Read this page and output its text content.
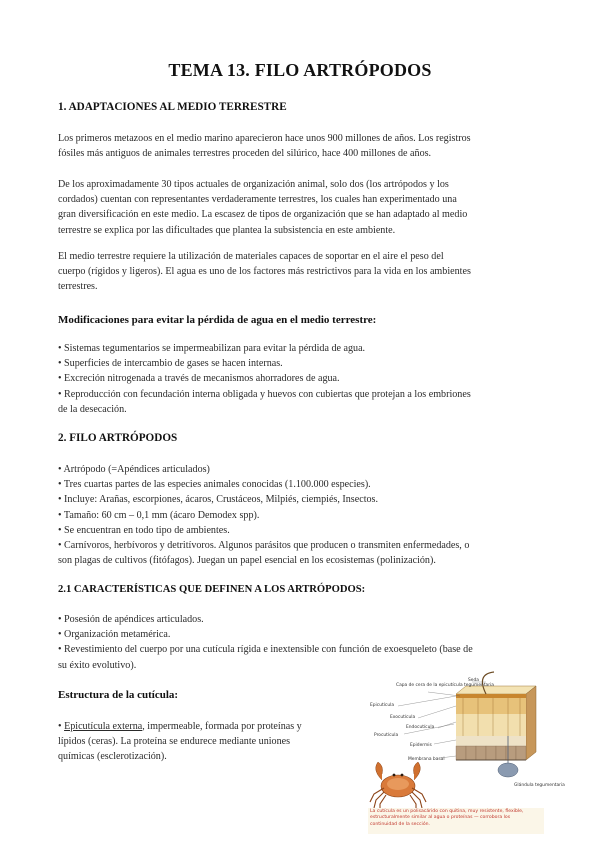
TEMA 13. FILO ARTRÓPODOS
1. ADAPTACIONES AL MEDIO TERRESTRE
Los primeros metazoos en el medio marino aparecieron hace unos 900 millones de años. Los registros
fósiles más antiguos de animales terrestres proceden del silúrico, hace 400 millones de años.
De los aproximadamente 30 tipos actuales de organización animal, solo dos (los artrópodos y los
cordados) cuentan con representantes verdaderamente terrestres, los cuales han experimentado una
gran diversificación en este medio. La escasez de tipos de organización que se han adaptado al medio
terrestre se explica por las dificultades que plantea la subsistencia en este ambiente.
El medio terrestre requiere la utilización de materiales capaces de soportar en el aire el peso del
cuerpo (rígidos y ligeros). El agua es uno de los factores más restrictivos para la vida en los ambientes
terrestres.
Modificaciones para evitar la pérdida de agua en el medio terrestre:
• Sistemas tegumentarios se impermeabilizan para evitar la pérdida de agua.
• Superficies de intercambio de gases se hacen internas.
• Excreción nitrogenada a través de mecanismos ahorradores de agua.
• Reproducción con fecundación interna obligada y huevos con cubiertas que protejan a los embriones
de la desecación.
2. FILO ARTRÓPODOS
• Artrópodo (=Apéndices articulados)
• Tres cuartas partes de las especies animales conocidas (1.100.000 especies).
• Incluye: Arañas, escorpiones, ácaros, Crustáceos, Milpiés, ciempiés, Insectos.
• Tamaño: 60 cm – 0,1 mm (ácaro Demodex spp).
• Se encuentran en todo tipo de ambientes.
• Carnívoros, herbívoros y detritívoros. Algunos parásitos que producen o transmiten enfermedades, o
son plagas de cultivos (fitófagos). Juegan un papel esencial en los ecosistemas (polinización).
2.1 CARACTERÍSTICAS QUE DEFINEN A LOS ARTRÓPODOS:
• Posesión de apéndices articulados.
• Organización metamérica.
• Revestimiento del cuerpo por una cutícula rígida e inextensible con función de exoesqueleto (base de
su éxito evolutivo).
Estructura de la cutícula:
• Epicutícula externa, impermeable, formada por proteínas y
lípidos (ceras). La proteína se endurece mediante uniones
químicas (esclerotización).
Seda
Capa de cera de la epicutícula tegumentaria
Epicutícula
Exocutícula
Endocutícula
Procutícula
Epidermis
Membrana basal
Glándula tegumentaria
La cutícula es un polisacárido con quitina, muy resistente, flexible,
estructuralmente similar al agua o proteínas — corrobora los
continuidad de la sección.
